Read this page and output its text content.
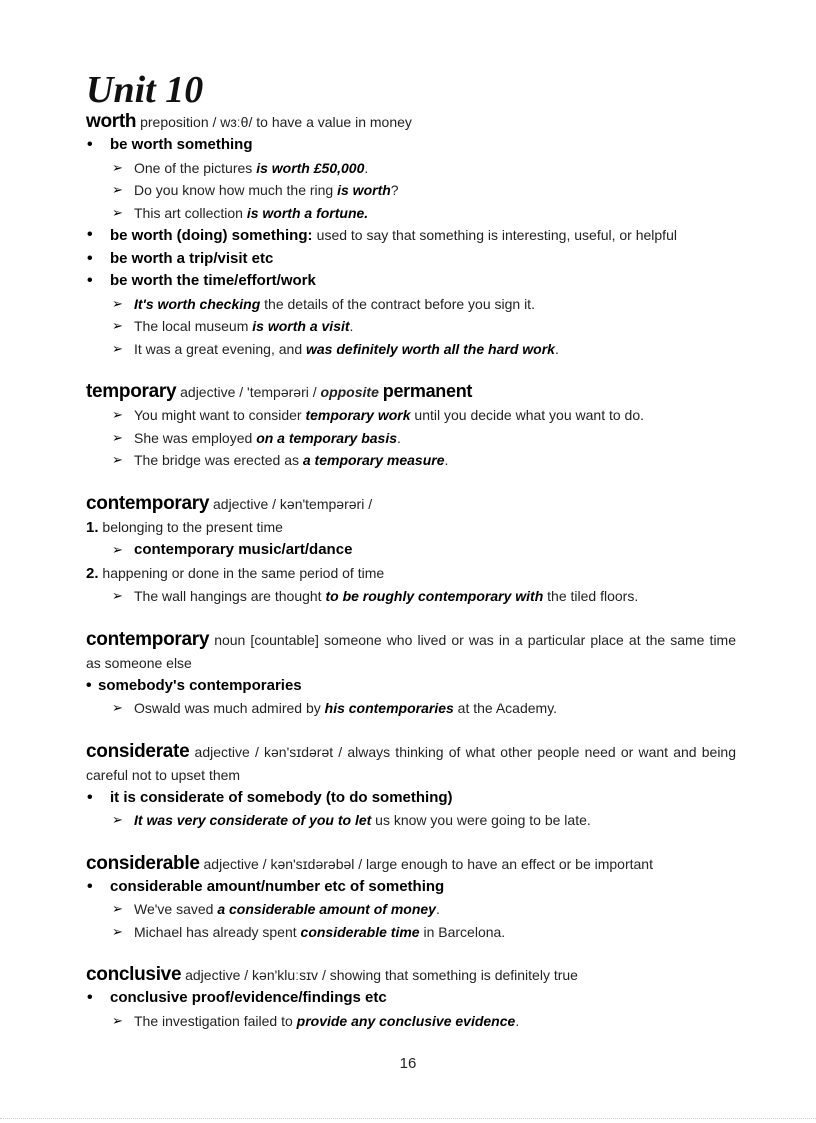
Unit 10
worth preposition / wɜːθ/ to have a value in money
• be worth something
➢ One of the pictures is worth £50,000.
➢ Do you know how much the ring is worth?
➢ This art collection is worth a fortune.
• be worth (doing) something: used to say that something is interesting, useful, or helpful
• be worth a trip/visit etc
• be worth the time/effort/work
➢ It's worth checking the details of the contract before you sign it.
➢ The local museum is worth a visit.
➢ It was a great evening, and was definitely worth all the hard work.
temporary adjective / 'tempərəri / opposite permanent
➢ You might want to consider temporary work until you decide what you want to do.
➢ She was employed on a temporary basis.
➢ The bridge was erected as a temporary measure.
contemporary adjective / kən'tempərəri /
1. belonging to the present time
➢ contemporary music/art/dance
2. happening or done in the same period of time
➢ The wall hangings are thought to be roughly contemporary with the tiled floors.
contemporary noun [countable] someone who lived or was in a particular place at the same time as someone else
• somebody's contemporaries
➢ Oswald was much admired by his contemporaries at the Academy.
considerate adjective / kən'sɪdərət / always thinking of what other people need or want and being careful not to upset them
• it is considerate of somebody (to do something)
➢ It was very considerate of you to let us know you were going to be late.
considerable adjective / kən'sɪdərəbəl / large enough to have an effect or be important
• considerable amount/number etc of something
➢ We've saved a considerable amount of money.
➢ Michael has already spent considerable time in Barcelona.
conclusive adjective / kən'kluːsɪv / showing that something is definitely true
• conclusive proof/evidence/findings etc
➢ The investigation failed to provide any conclusive evidence.
16
